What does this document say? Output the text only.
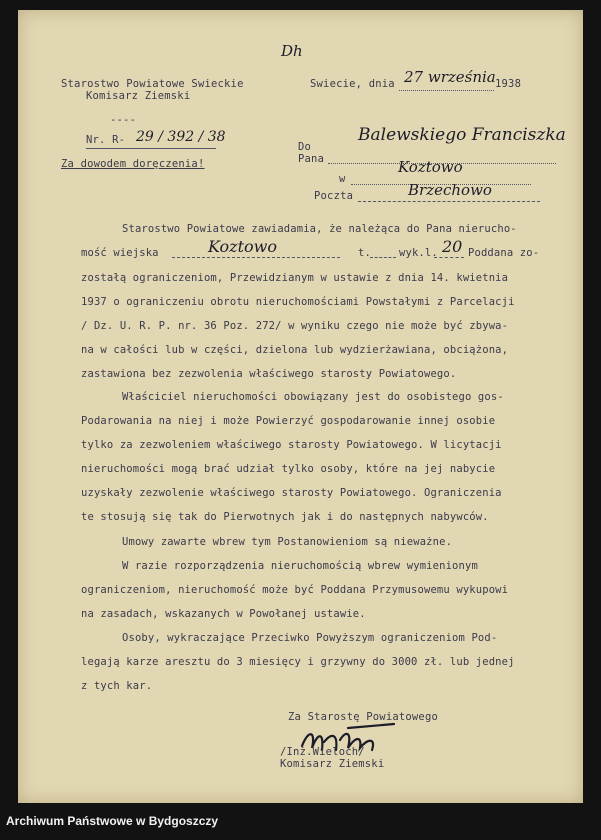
Dh
Starostwo Powiatowe Swieckie
Komisarz Ziemski
----
Nr. R- 29 / 392 / 38
Za dowodem doręczenia!
Swiecie, dnia 27 września 1938
Do
Pana
Balewskiego Franciszka
w
Koztowo
Poczta	Brzechowo
Starostwo Powiatowe zawiadamia, że należąca do Pana nierucho-
mość wiejska	Koztowo	t.	wyk.l. 20 Poddana zo-
zostałą ograniczeniom, Przewidzianym w ustawie z dnia 14. kwietnia
1937 o ograniczeniu obrotu nieruchomościami Powstałymi z Parcelacji
/ Dz. U. R. P. nr. 36 Poz. 272/ w wyniku czego nie może być zbywa-
na w całości lub w części, dzielona lub wydzierżawiana, obciążona,
zastawiona bez zezwolenia właściwego starosty Powiatowego.
Właściciel nieruchomości obowiązany jest do osobistego gos-
Podarowania na niej i może Powierzyć gospodarowanie innej osobie
tylko za zezwoleniem właściwego starosty Powiatowego. W licytacji
nieruchomości mogą brać udział tylko osoby, które na jej nabycie
uzyskały zezwolenie właściwego starosty Powiatowego. Ograniczenia
te stosują się tak do Pierwotnych jak i do następnych nabywców.
Umowy zawarte wbrew tym Postanowieniom są nieważne.
W razie rozporządzenia nieruchomością wbrew wymienionym
ograniczeniom, nieruchomość może być Poddana Przymusowemu wykupowi
na zasadach, wskazanych w Powołanej ustawie.
Osoby, wykraczające Przeciwko Powyższym ograniczeniom Pod-
legają karze aresztu do 3 miesięcy i grzywny do 3000 zł. lub jednej
z tych kar.
Za Starostę Powiatowego
/Inż.Wieloch/
Komisarz Ziemski
Archiwum Państwowe w Bydgoszczy
